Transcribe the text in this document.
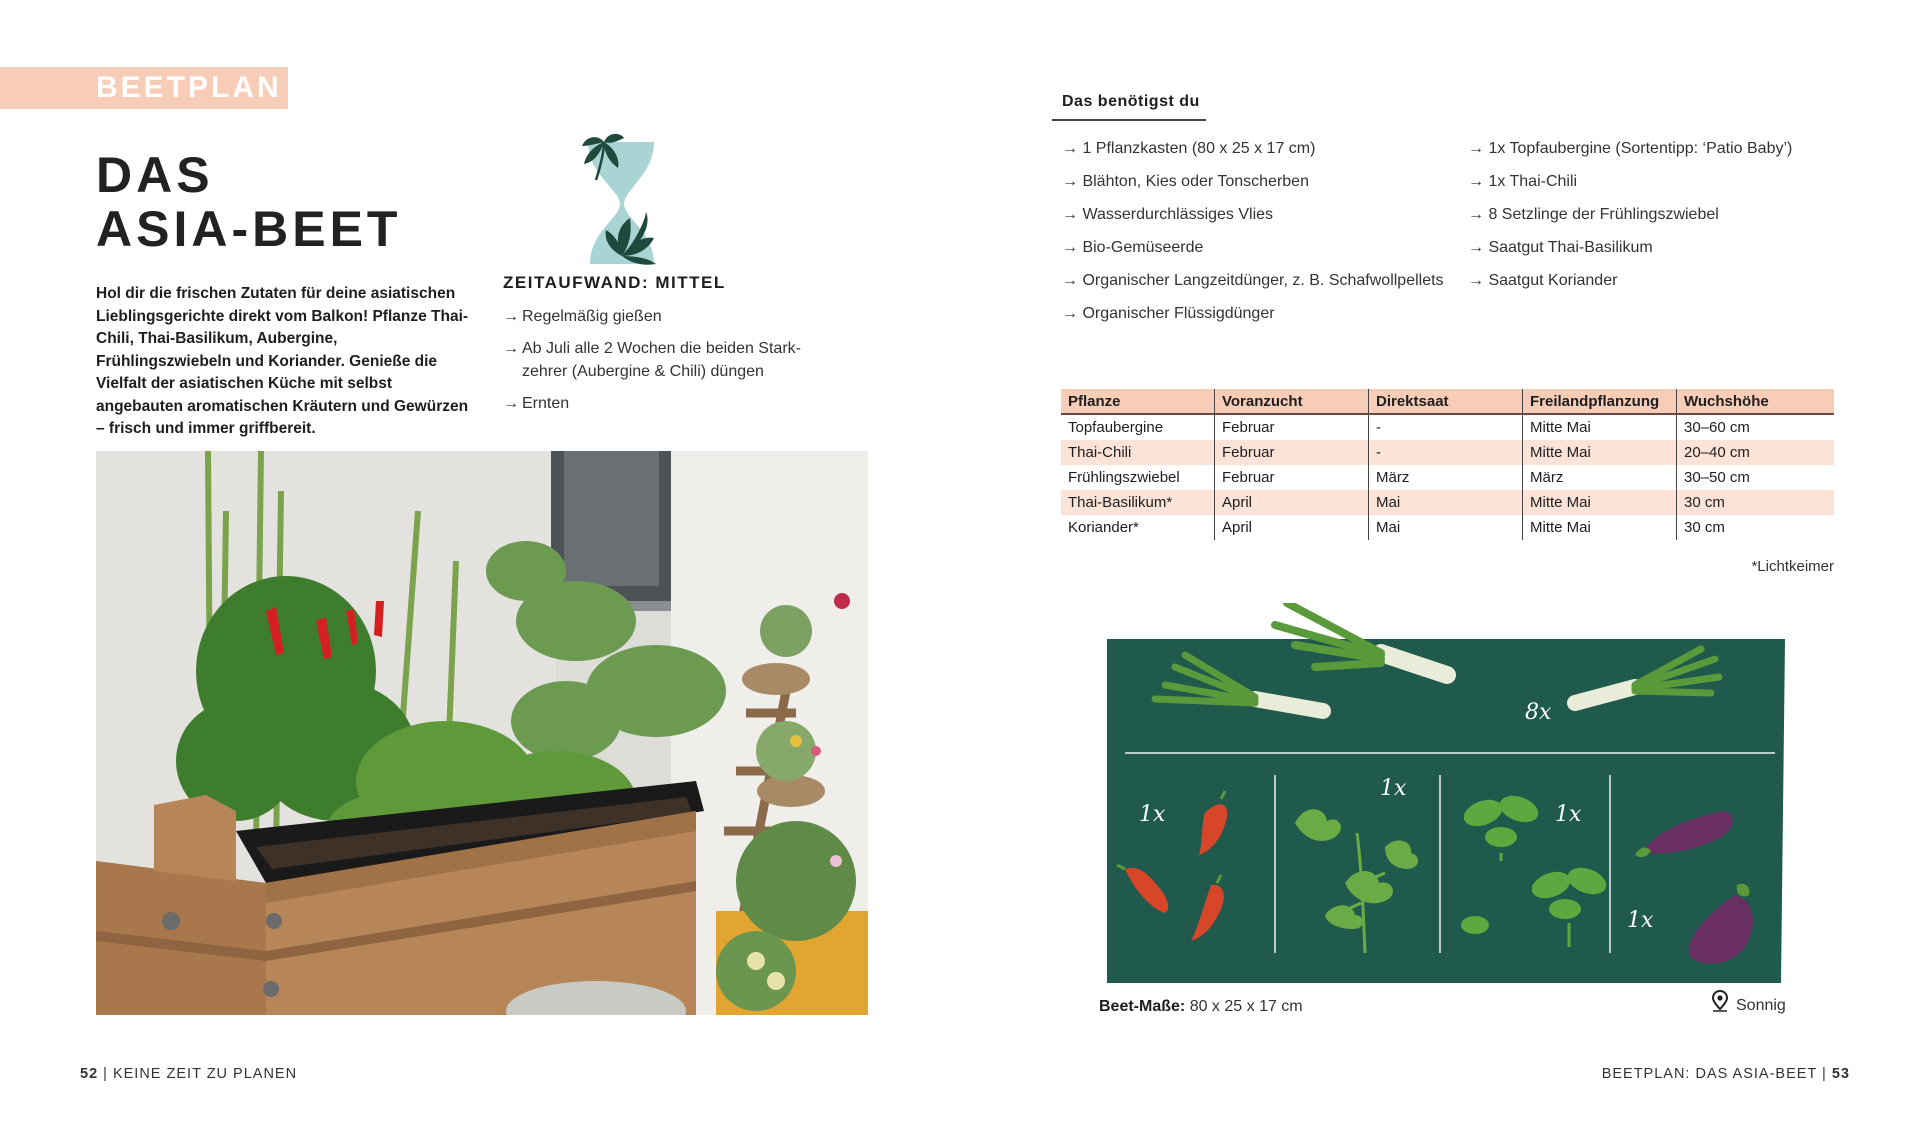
BEETPLAN
DAS
ASIA-BEET
Hol dir die frischen Zutaten für deine asiatischen Lieblingsgerichte direkt vom Balkon! Pflanze Thai-Chili, Thai-Basilikum, Aubergine, Frühlingszwiebeln und Koriander. Genieße die Vielfalt der asiatischen Küche mit selbst angebauten aromatischen Kräutern und Gewürzen – frisch und immer griffbereit.
ZEITAUFWAND: MITTEL
→ Regelmäßig gießen
→ Ab Juli alle 2 Wochen die beiden Stark-zehrer (Aubergine & Chili) düngen
→ Ernten
52 | KEINE ZEIT ZU PLANEN
Das benötigst du
→ 1 Pflanzkasten (80 x 25 x 17 cm)
→ Blähton, Kies oder Tonscherben
→ Wasserdurchlässiges Vlies
→ Bio-Gemüseerde
→ Organischer Langzeitdünger, z. B. Schafwollpellets
→ Organischer Flüssigdünger
→ 1x Topfaubergine (Sortentipp: ‘Patio Baby’)
→ 1x Thai-Chili
→ 8 Setzlinge der Frühlingszwiebel
→ Saatgut Thai-Basilikum
→ Saatgut Koriander
Pflanze	Voranzucht	Direktsaat	Freilandpflanzung	Wuchshöhe
Topfaubergine	Februar	-	Mitte Mai	30–60 cm
Thai-Chili	Februar	-	Mitte Mai	20–40 cm
Frühlingszwiebel	Februar	März	März	30–50 cm
Thai-Basilikum*	April	Mai	Mitte Mai	30 cm
Koriander*	April	Mai	Mitte Mai	30 cm
*Lichtkeimer
8x
1x
1x
1x
1x
Beet-Maße: 80 x 25 x 17 cm	Sonnig
BEETPLAN: DAS ASIA-BEET | 53
